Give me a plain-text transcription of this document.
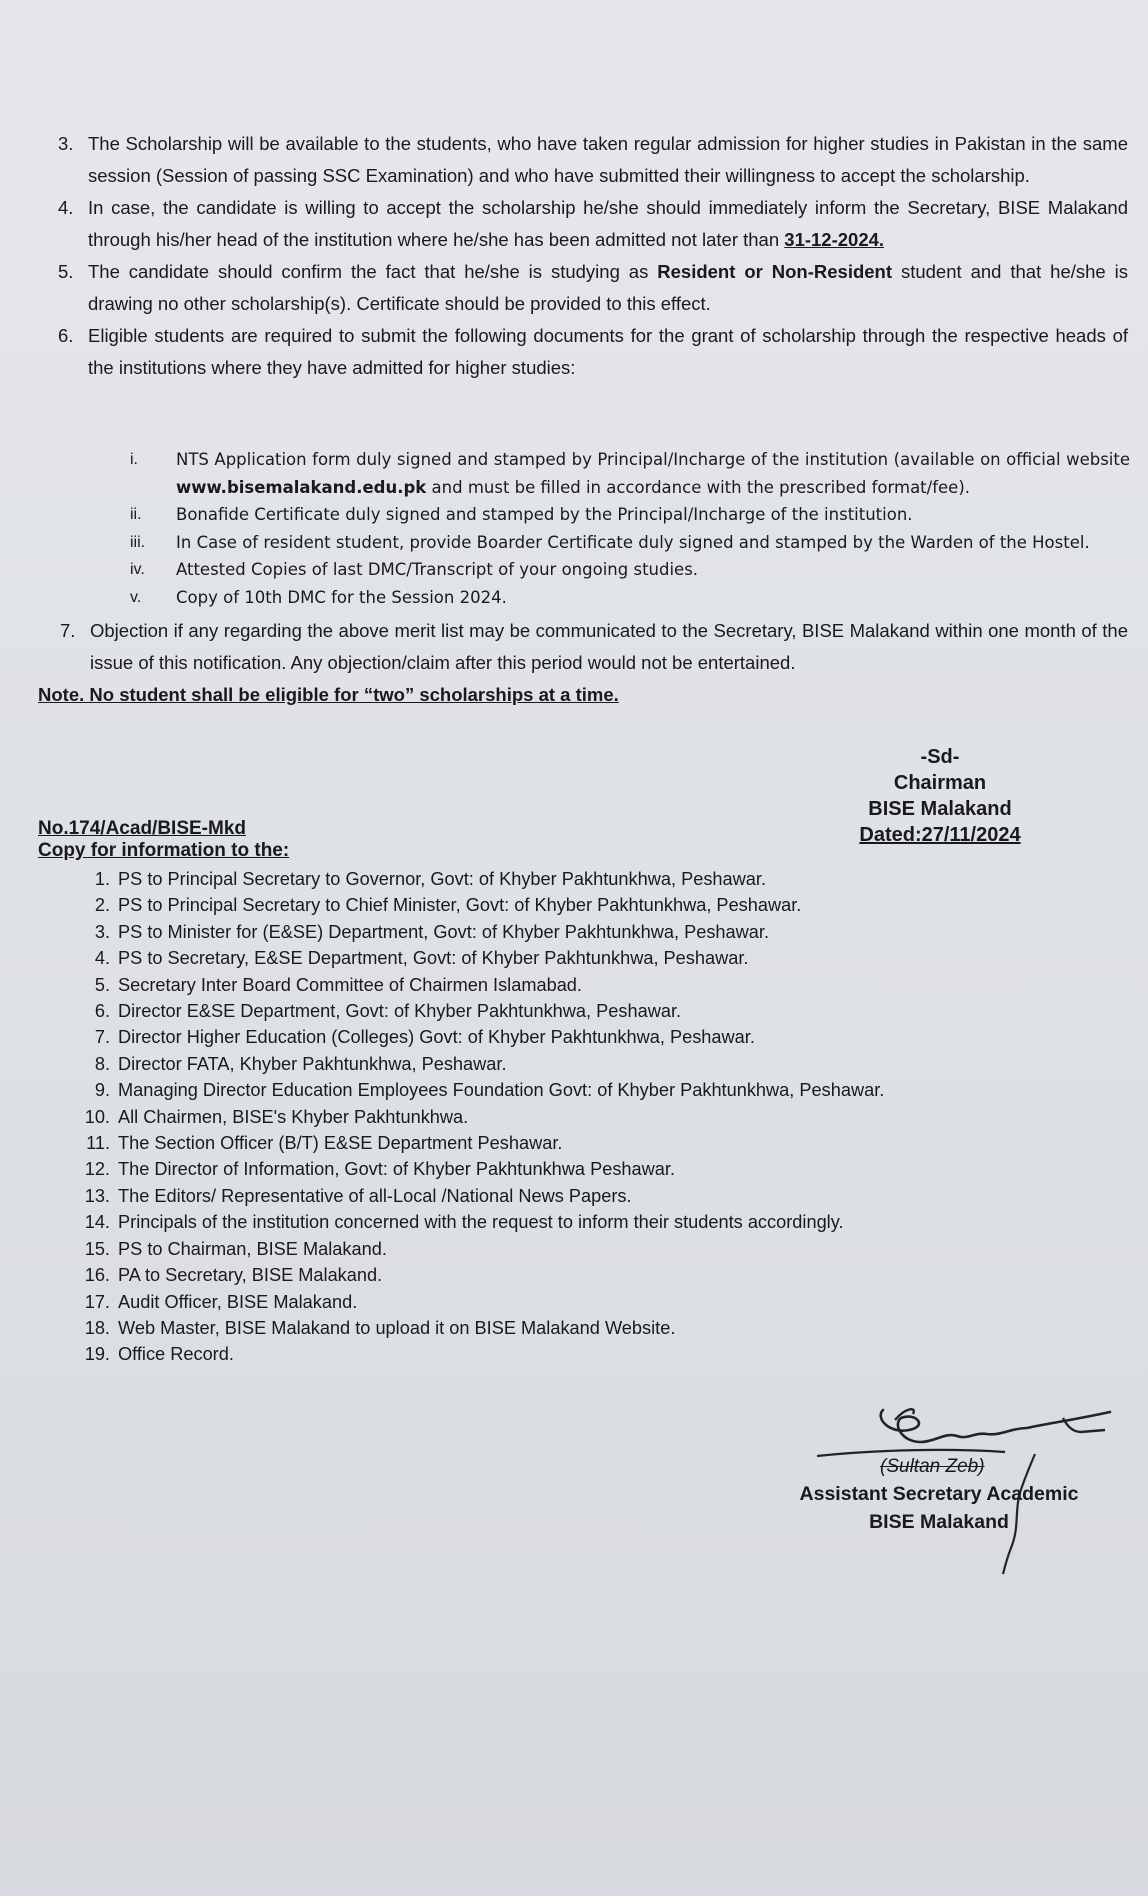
3. The Scholarship will be available to the students, who have taken regular admission for higher studies in Pakistan in the same session (Session of passing SSC Examination) and who have submitted their willingness to accept the scholarship.
4. In case, the candidate is willing to accept the scholarship he/she should immediately inform the Secretary, BISE Malakand through his/her head of the institution where he/she has been admitted not later than 31-12-2024.
5. The candidate should confirm the fact that he/she is studying as Resident or Non-Resident student and that he/she is drawing no other scholarship(s). Certificate should be provided to this effect.
6. Eligible students are required to submit the following documents for the grant of scholarship through the respective heads of the institutions where they have admitted for higher studies:
i.	NTS Application form duly signed and stamped by Principal/Incharge of the institution (available on official website www.bisemalakand.edu.pk and must be filled in accordance with the prescribed format/fee).
ii.	Bonafide Certificate duly signed and stamped by the Principal/Incharge of the institution.
iii.	In Case of resident student, provide Boarder Certificate duly signed and stamped by the Warden of the Hostel.
iv.	Attested Copies of last DMC/Transcript of your ongoing studies.
v.	Copy of 10th DMC for the Session 2024.
7. Objection if any regarding the above merit list may be communicated to the Secretary, BISE Malakand within one month of the issue of this notification. Any objection/claim after this period would not be entertained.
Note. No student shall be eligible for “two” scholarships at a time.
-Sd-
Chairman
BISE Malakand
Dated:27/11/2024
No.174/Acad/BISE-Mkd
Copy for information to the:
1. PS to Principal Secretary to Governor, Govt: of Khyber Pakhtunkhwa, Peshawar.
2. PS to Principal Secretary to Chief Minister, Govt: of Khyber Pakhtunkhwa, Peshawar.
3. PS to Minister for (E&SE) Department, Govt: of Khyber Pakhtunkhwa, Peshawar.
4. PS to Secretary, E&SE Department, Govt: of Khyber Pakhtunkhwa, Peshawar.
5. Secretary Inter Board Committee of Chairmen Islamabad.
6. Director E&SE Department, Govt: of Khyber Pakhtunkhwa, Peshawar.
7. Director Higher Education (Colleges) Govt: of Khyber Pakhtunkhwa, Peshawar.
8. Director FATA, Khyber Pakhtunkhwa, Peshawar.
9. Managing Director Education Employees Foundation Govt: of Khyber Pakhtunkhwa, Peshawar.
10. All Chairmen, BISE's Khyber Pakhtunkhwa.
11. The Section Officer (B/T) E&SE Department Peshawar.
12. The Director of Information, Govt: of Khyber Pakhtunkhwa Peshawar.
13. The Editors/ Representative of all-Local /National News Papers.
14. Principals of the institution concerned with the request to inform their students accordingly.
15. PS to Chairman, BISE Malakand.
16. PA to Secretary, BISE Malakand.
17. Audit Officer, BISE Malakand.
18. Web Master, BISE Malakand to upload it on BISE Malakand Website.
19. Office Record.
(Sultan Zeb)
Assistant Secretary Academic
BISE Malakand
